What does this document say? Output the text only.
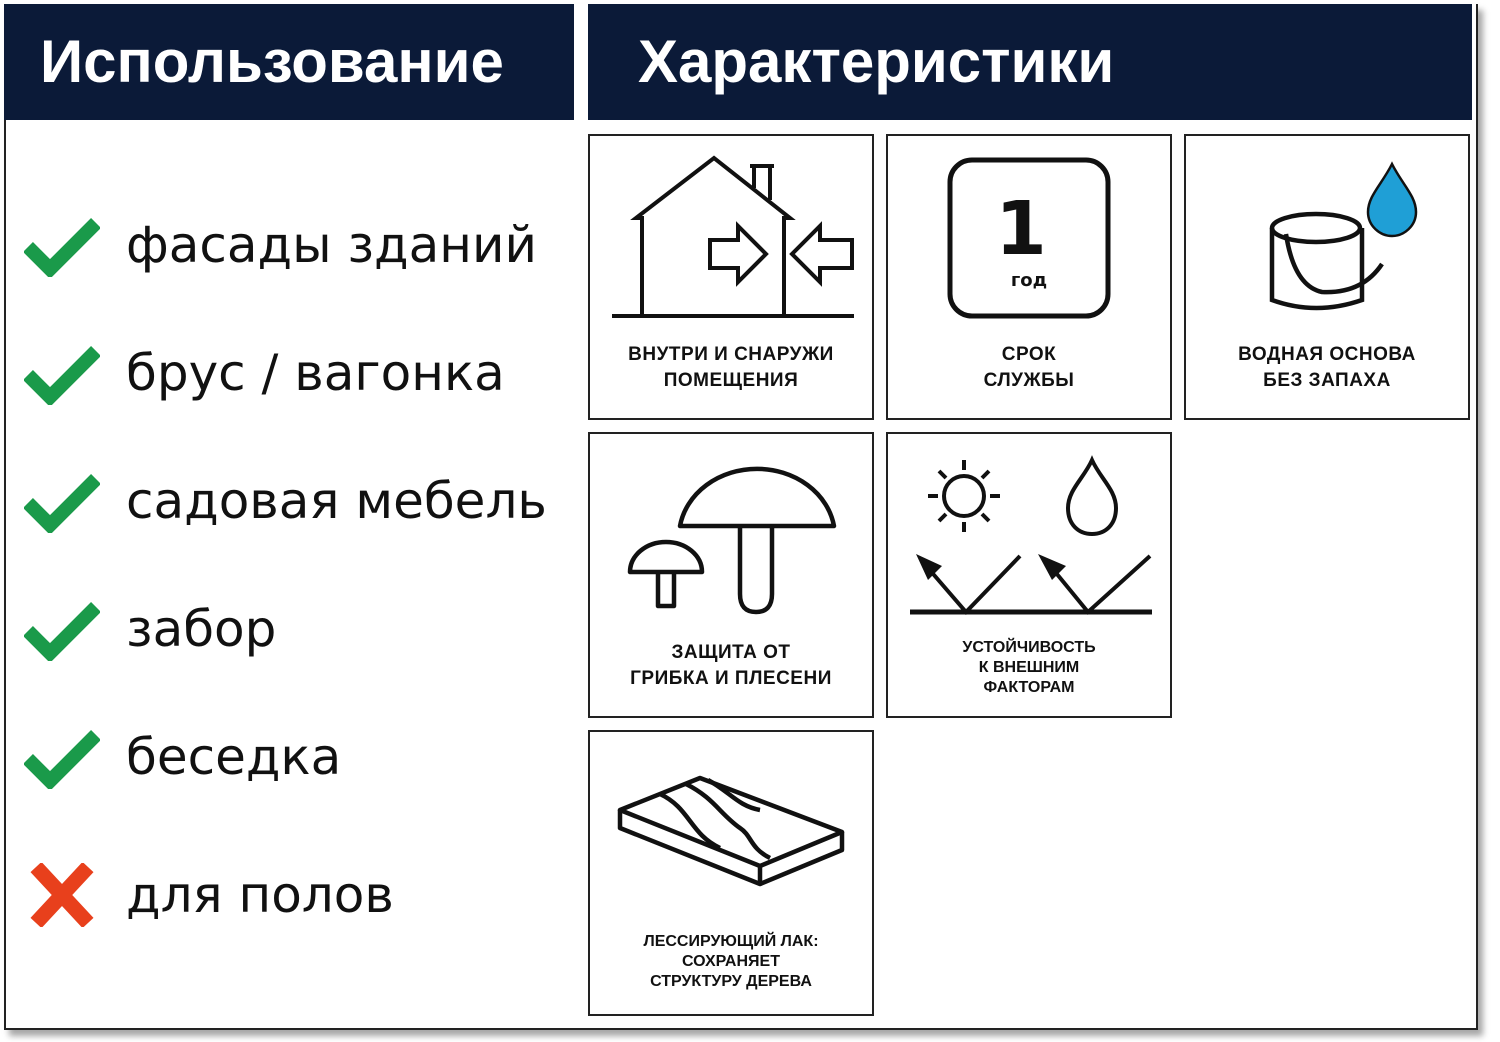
Использование	Характеристики
фасады зданий
брус / вагонка
садовая мебель
забор
беседка
для полов
ВНУТРИ И СНАРУЖИ
ПОМЕЩЕНИЯ
1
год
СРОК
СЛУЖБЫ
ВОДНАЯ ОСНОВА
БЕЗ ЗАПАХА
ЗАЩИТА ОТ
ГРИБКА И ПЛЕСЕНИ
УСТОЙЧИВОСТЬ
К ВНЕШНИМ
ФАКТОРАМ
ЛЕССИРУЮЩИЙ ЛАК:
СОХРАНЯЕТ
СТРУКТУРУ ДЕРЕВА
